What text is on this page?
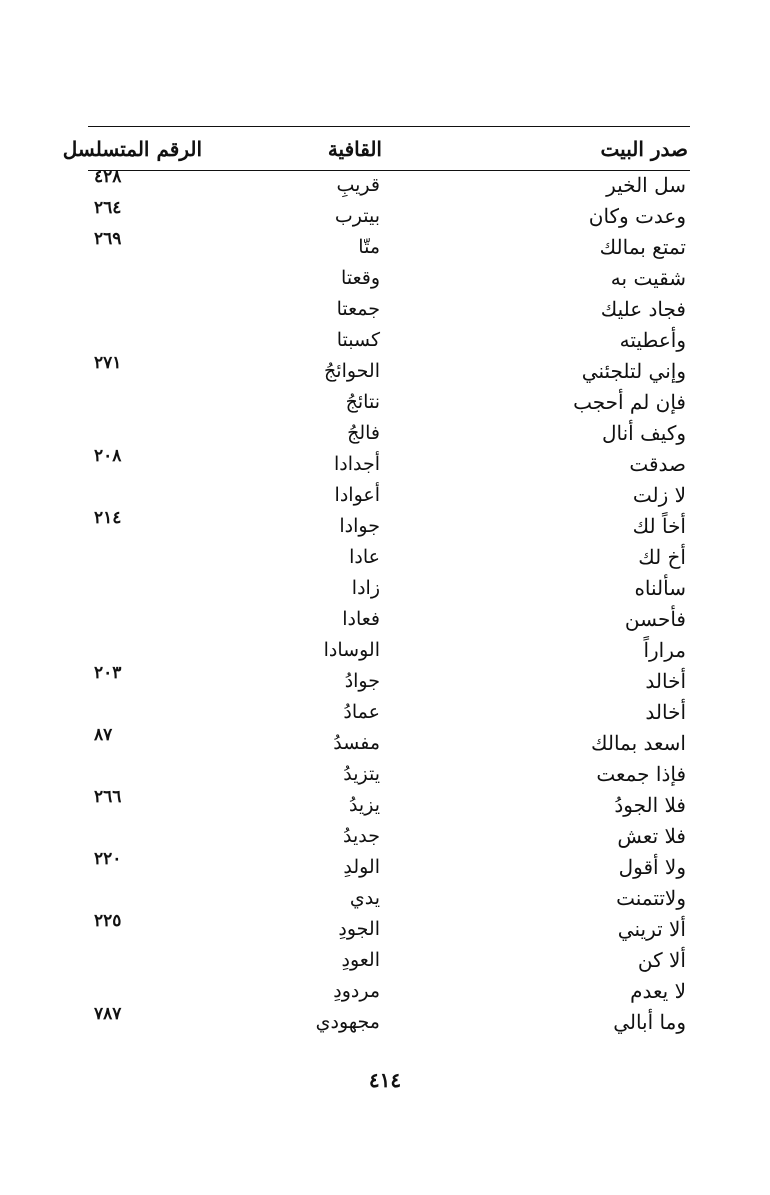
صدر البيت
القافية
الرقم المتسلسل
سل الخير
قريبِ
٤٢٨
وعدت وكان
بيترب
٢٦٤
تمتع بمالك
متّا
٢٦٩
شقيت به
وقعتا
فجاد عليك
جمعتا
وأعطيته
كسبتا
وإني لتلجئني
الحوائجُ
٢٧١
فإن لم أحجب
نتائجُ
وكيف أنال
فالجُ
صدقت
أجدادا
٢٠٨
لا زلت
أعوادا
أخاً لك
جوادا
٢١٤
أخ لك
عادا
سألناه
زادا
فأحسن
فعادا
مراراً
الوسادا
أخالد
جوادُ
٢٠٣
أخالد
عمادُ
اسعد بمالك
مفسدُ
٨٧
فإذا جمعت
يتزيدُ
فلا الجودُ
يزيدُ
٢٦٦
فلا تعش
جديدُ
ولا أقول
الولدِ
٢٢٠
ولاتتمنت
يدي
ألا تريني
الجودِ
٢٢٥
ألا كن
العودِ
لا يعدم
مردودِ
وما أبالي
مجهودي
٧٨٧
٤١٤
